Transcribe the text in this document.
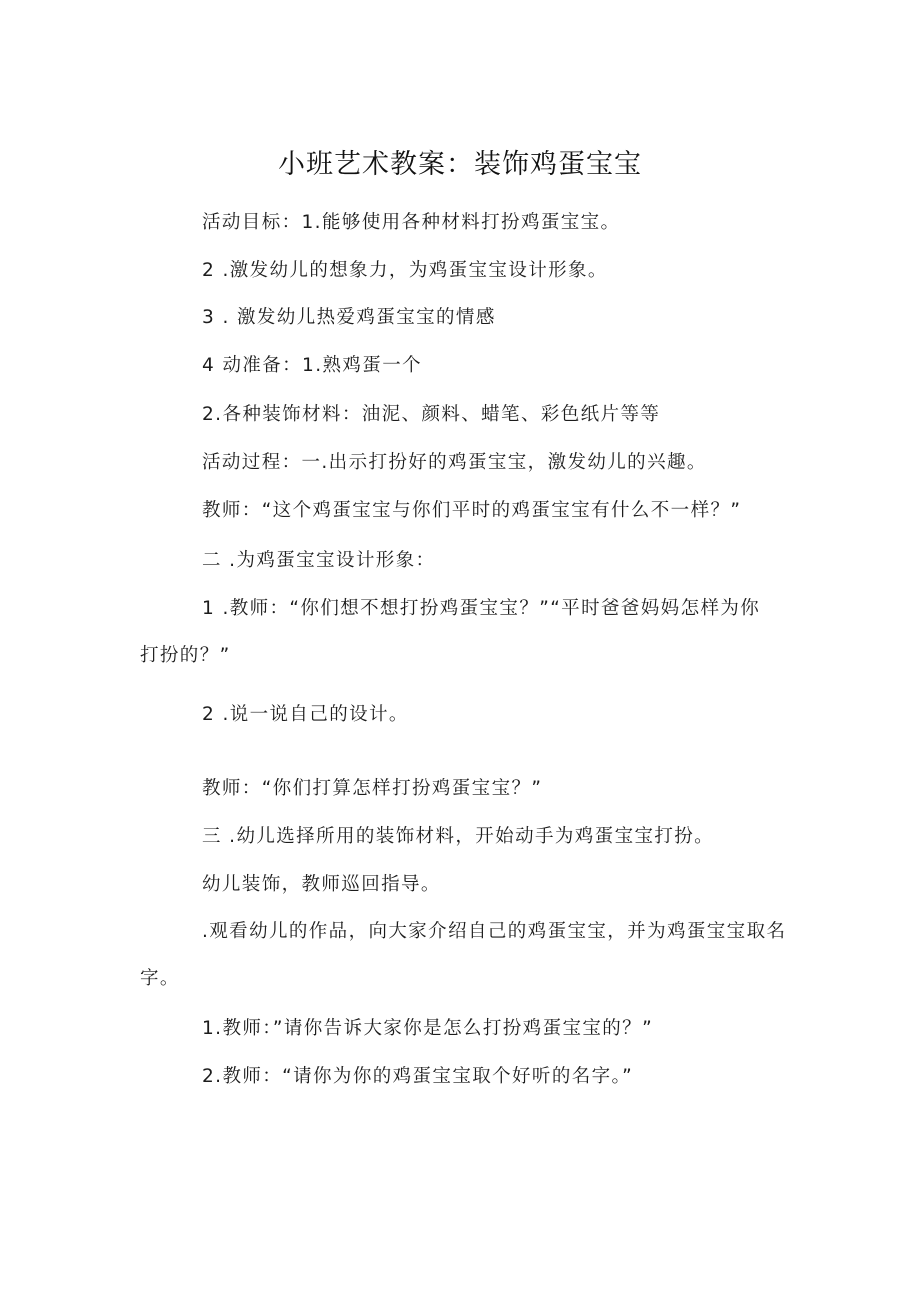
小班艺术教案：装饰鸡蛋宝宝
活动目标：1.能够使用各种材料打扮鸡蛋宝宝。
2 .激发幼儿的想象力，为鸡蛋宝宝设计形象。
3 . 激发幼儿热爱鸡蛋宝宝的情感
4 动准备：1.熟鸡蛋一个
2.各种装饰材料：油泥、颜料、蜡笔、彩色纸片等等
活动过程：一.出示打扮好的鸡蛋宝宝，激发幼儿的兴趣。
教师：“这个鸡蛋宝宝与你们平时的鸡蛋宝宝有什么不一样？”
二 .为鸡蛋宝宝设计形象：
1 .教师：“你们想不想打扮鸡蛋宝宝？”“平时爸爸妈妈怎样为你
打扮的？”
2 .说一说自己的设计。
教师：“你们打算怎样打扮鸡蛋宝宝？”
三 .幼儿选择所用的装饰材料，开始动手为鸡蛋宝宝打扮。
幼儿装饰，教师巡回指导。
.观看幼儿的作品，向大家介绍自己的鸡蛋宝宝，并为鸡蛋宝宝取名
字。
1.教师：”请你告诉大家你是怎么打扮鸡蛋宝宝的？”
2.教师：“请你为你的鸡蛋宝宝取个好听的名字。”
